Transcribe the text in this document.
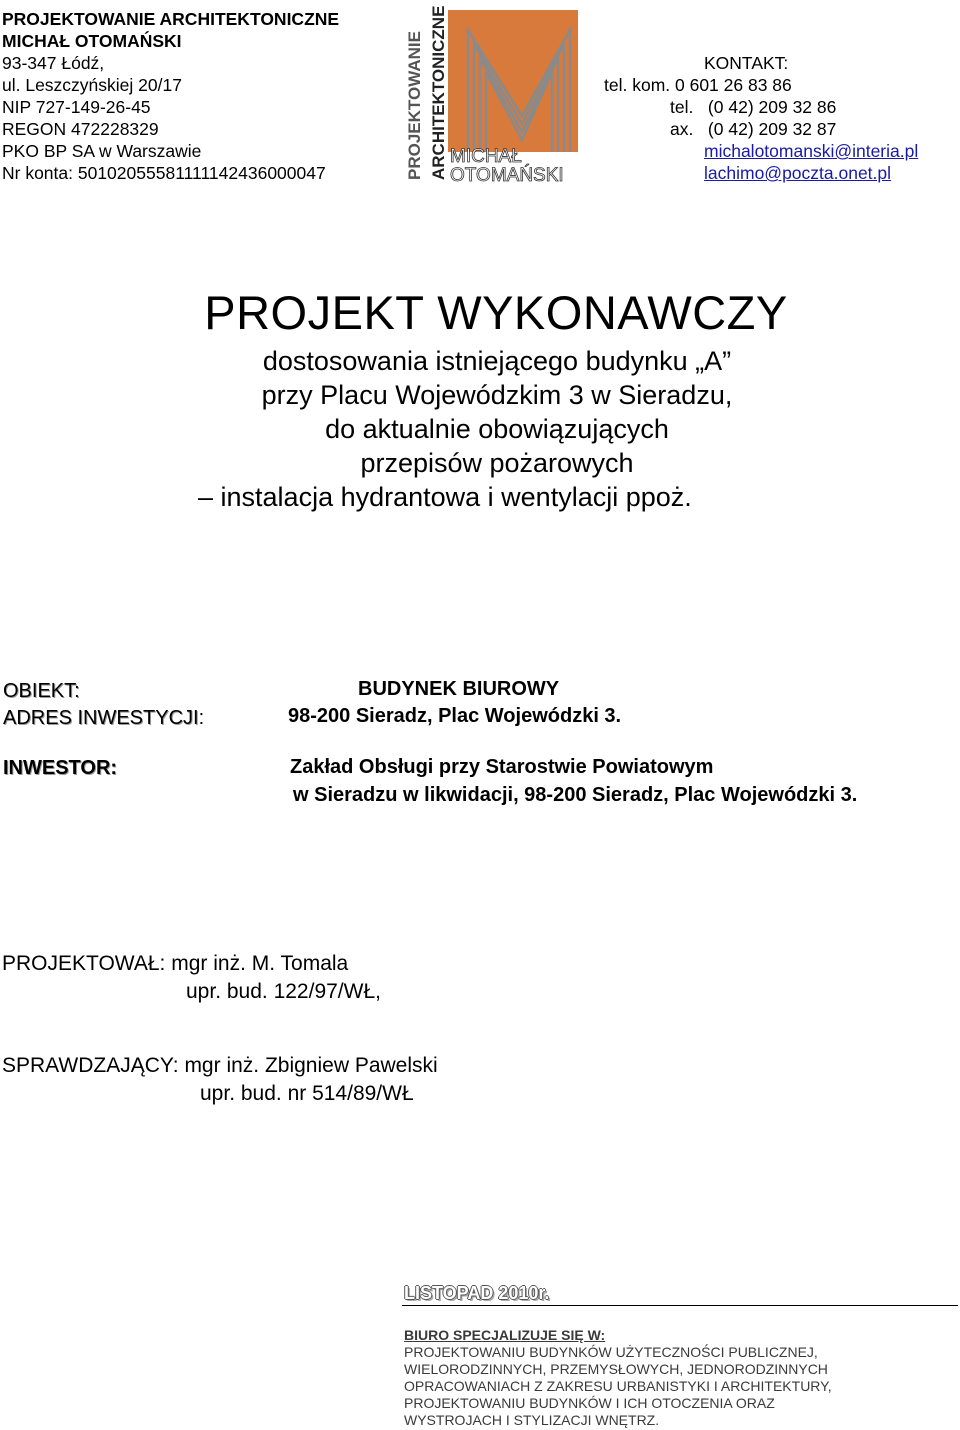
PROJEKTOWANIE ARCHITEKTONICZNE
MICHAŁ OTOMAŃSKI
93-347 Łódź,
ul. Leszczyńskiej 20/17
NIP 727-149-26-45
REGON 472228329
PKO BP SA w Warszawie
Nr konta: 50102055581111142436000047	PROJEKTOWANIE ARCHITEKTONICZNE MICHAŁ
OTOMAŃSKI
KONTAKT:
tel. kom. 0 601 26 83 86
tel.   (0 42) 209 32 86
ax.   (0 42) 209 32 87
michalotomanski@interia.pl
lachimo@poczta.onet.pl
PROJEKT WYKONAWCZY
dostosowania istniejącego budynku „A”
przy Placu Wojewódzkim 3 w Sieradzu,
do aktualnie obowiązujących
przepisów pożarowych
– instalacja hydrantowa i wentylacji ppoż.
OBIEKT:	BUDYNEK BIUROWY
ADRES INWESTYCJI:	98-200 Sieradz, Plac Wojewódzki 3.
INWESTOR:	Zakład Obsługi przy Starostwie Powiatowym
w Sieradzu w likwidacji, 98-200 Sieradz, Plac Wojewódzki 3.
PROJEKTOWAŁ: mgr inż. M. Tomala
upr. bud. 122/97/WŁ,
SPRAWDZAJĄCY: mgr inż. Zbigniew Pawelski
upr. bud. nr 514/89/WŁ
LISTOPAD 2010r.
BIURO SPECJALIZUJE SIĘ W:
PROJEKTOWANIU BUDYNKÓW UŻYTECZNOŚCI PUBLICZNEJ,
WIELORODZINNYCH, PRZEMYSŁOWYCH, JEDNORODZINNYCH
OPRACOWANIACH Z ZAKRESU URBANISTYKI I ARCHITEKTURY,
PROJEKTOWANIU BUDYNKÓW I ICH OTOCZENIA ORAZ
WYSTROJACH I STYLIZACJI WNĘTRZ.
